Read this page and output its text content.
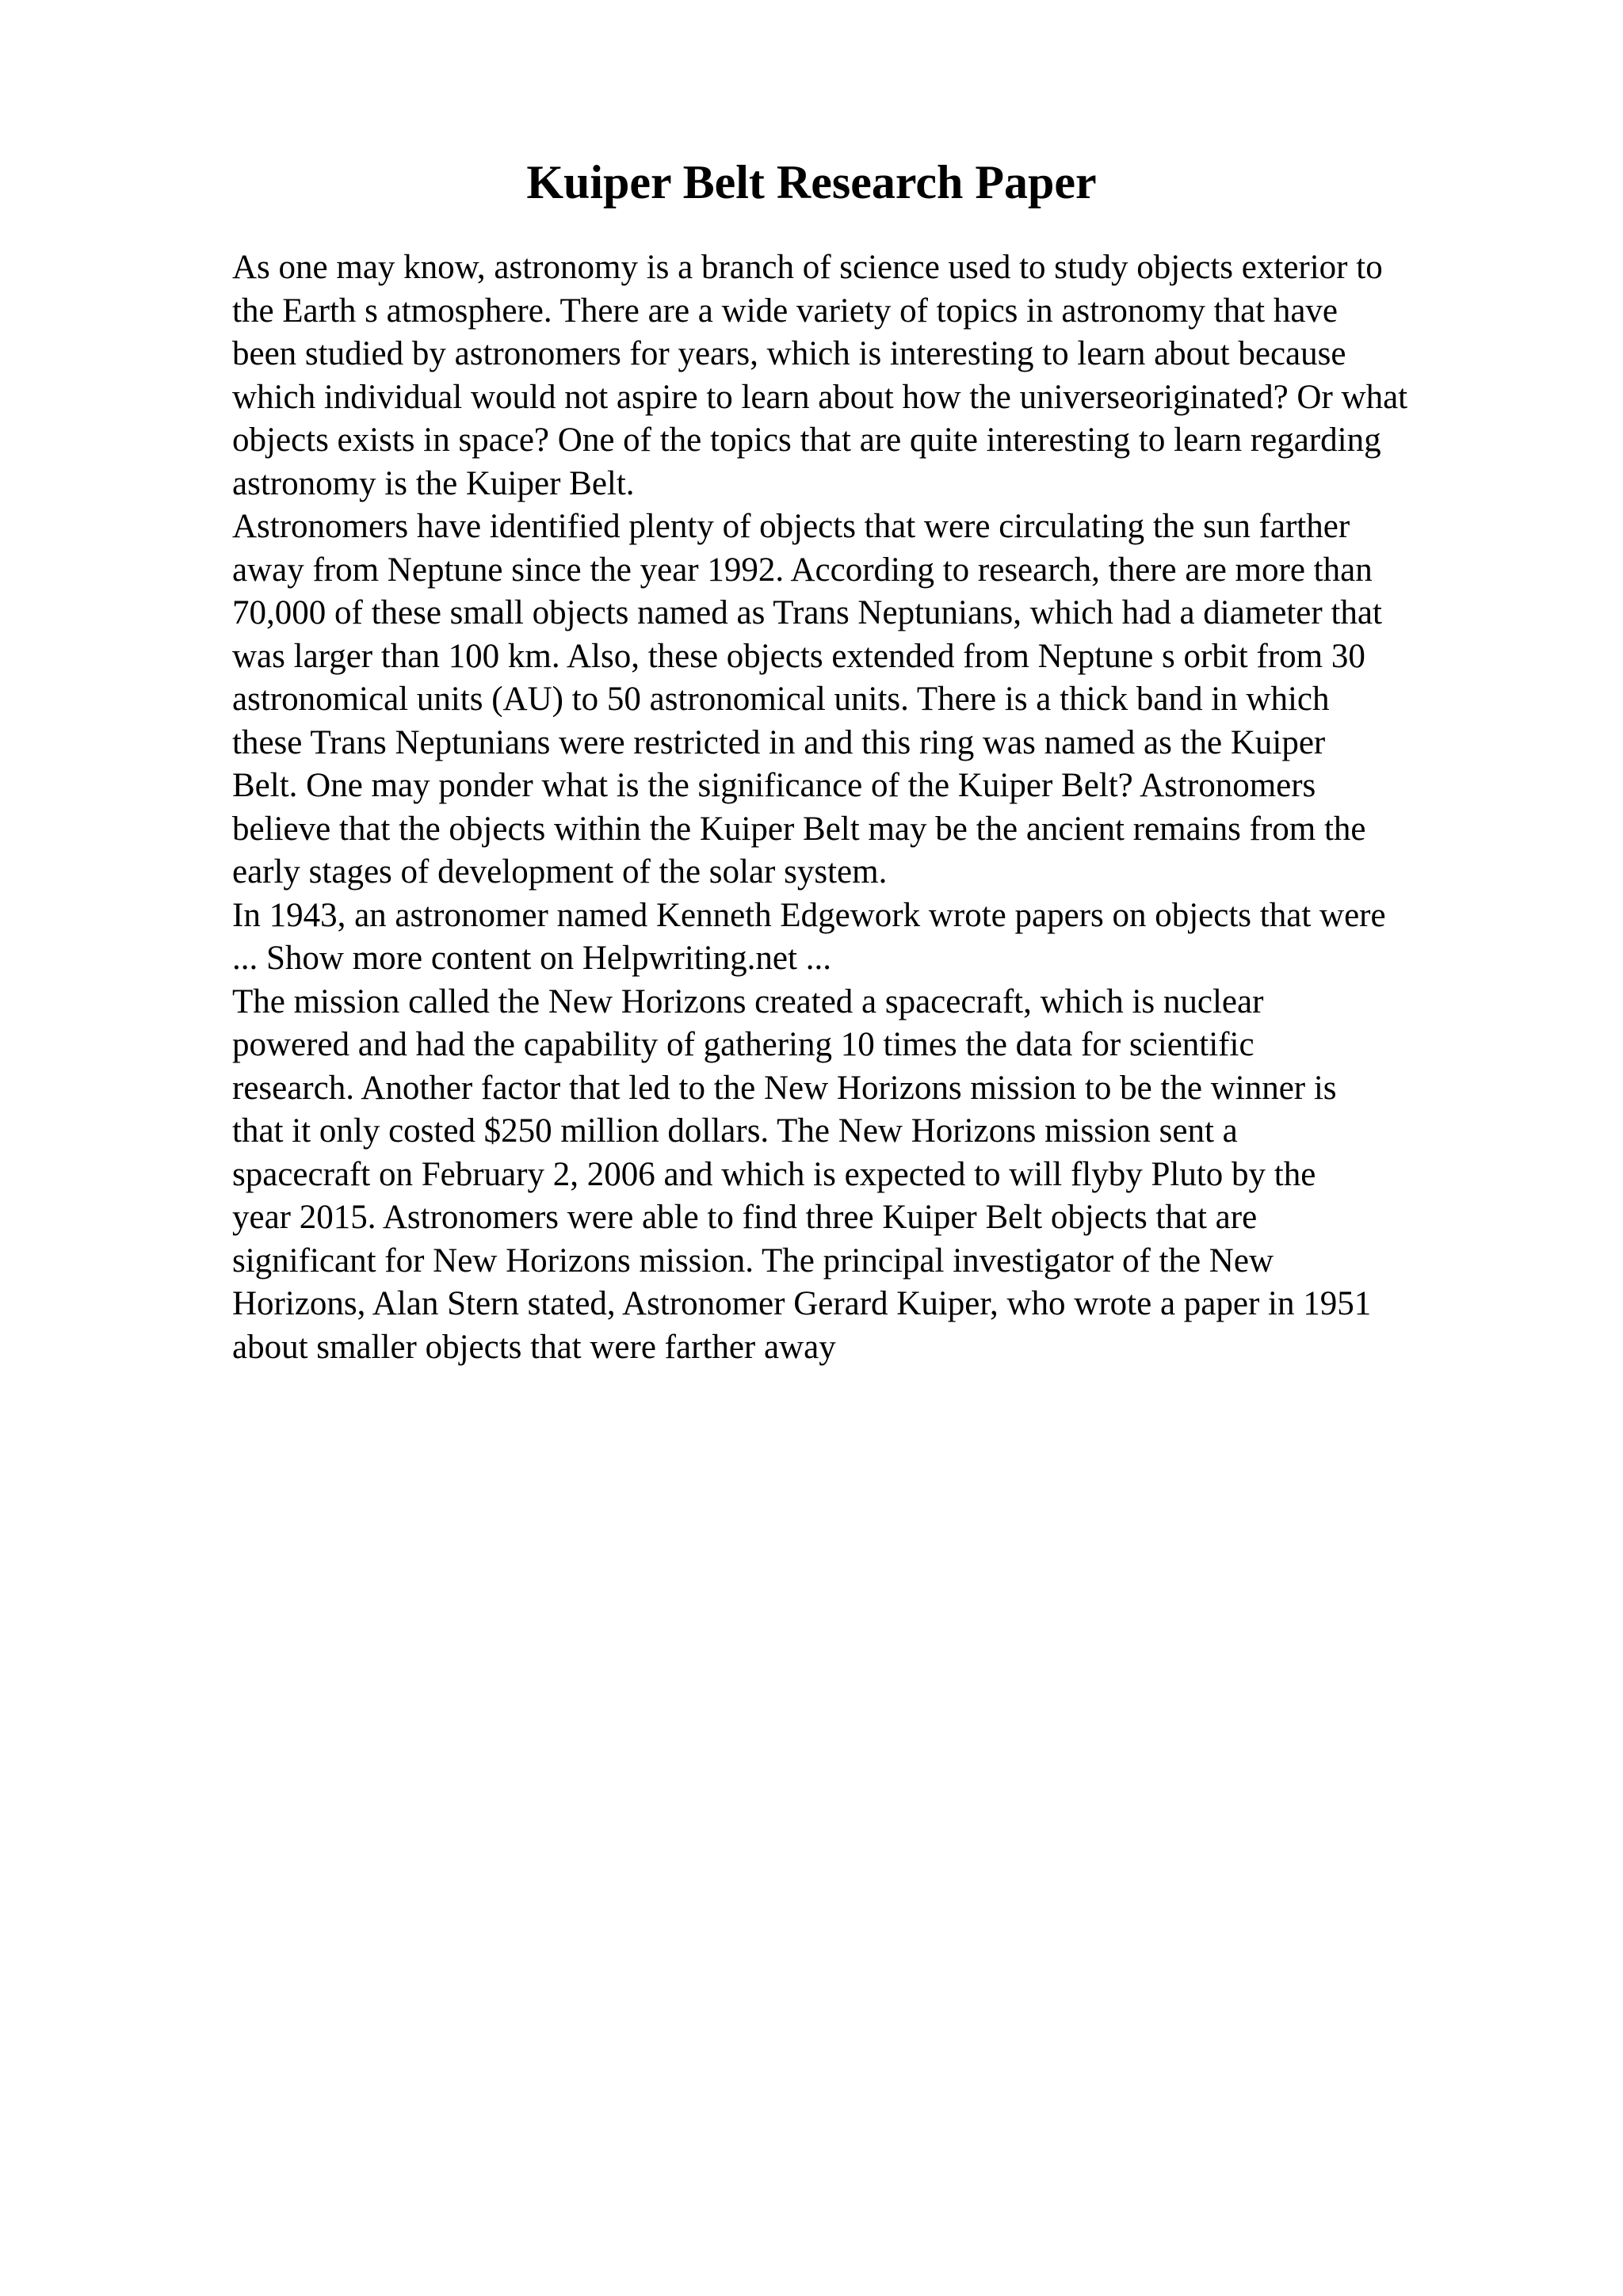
Kuiper Belt Research Paper
As one may know, astronomy is a branch of science used to study objects exterior to
the Earth s atmosphere. There are a wide variety of topics in astronomy that have
been studied by astronomers for years, which is interesting to learn about because
which individual would not aspire to learn about how the universeoriginated? Or what
objects exists in space? One of the topics that are quite interesting to learn regarding
astronomy is the Kuiper Belt.
Astronomers have identified plenty of objects that were circulating the sun farther
away from Neptune since the year 1992. According to research, there are more than
70,000 of these small objects named as Trans Neptunians, which had a diameter that
was larger than 100 km. Also, these objects extended from Neptune s orbit from 30
astronomical units (AU) to 50 astronomical units. There is a thick band in which
these Trans Neptunians were restricted in and this ring was named as the Kuiper
Belt. One may ponder what is the significance of the Kuiper Belt? Astronomers
believe that the objects within the Kuiper Belt may be the ancient remains from the
early stages of development of the solar system.
In 1943, an astronomer named Kenneth Edgework wrote papers on objects that were
... Show more content on Helpwriting.net ...
The mission called the New Horizons created a spacecraft, which is nuclear
powered and had the capability of gathering 10 times the data for scientific
research. Another factor that led to the New Horizons mission to be the winner is
that it only costed $250 million dollars. The New Horizons mission sent a
spacecraft on February 2, 2006 and which is expected to will flyby Pluto by the
year 2015. Astronomers were able to find three Kuiper Belt objects that are
significant for New Horizons mission. The principal investigator of the New
Horizons, Alan Stern stated, Astronomer Gerard Kuiper, who wrote a paper in 1951
about smaller objects that were farther away
